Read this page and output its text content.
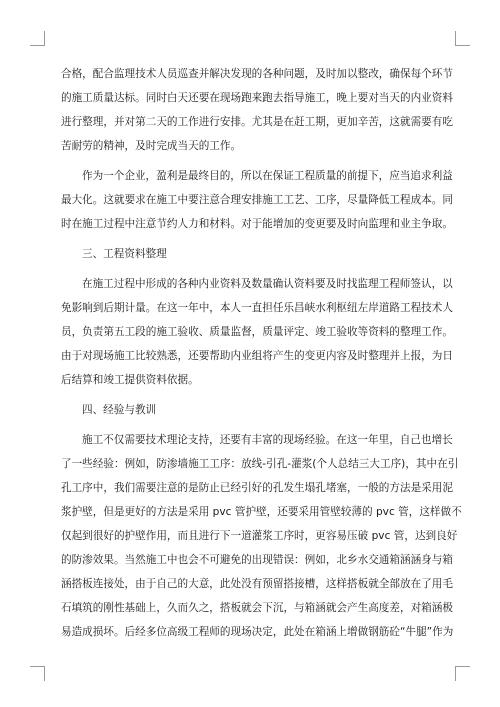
合格，配合监理技术人员巡查并解决发现的各种问题，及时加以整改，确保每个环节
的施工质量达标。同时白天还要在现场跑来跑去指导施工，晚上要对当天的内业资料
进行整理，并对第二天的工作进行安排。尤其是在赶工期，更加辛苦，这就需要有吃
苦耐劳的精神，及时完成当天的工作。
作为一个企业，盈利是最终目的，所以在保证工程质量的前提下，应当追求利益
最大化。这就要求在施工中要注意合理安排施工工艺、工序，尽量降低工程成本。同
时在施工过程中注意节约人力和材料。对于能增加的变更要及时向监理和业主争取。
三、工程资料整理
在施工过程中形成的各种内业资料及数量确认资料要及时找监理工程师签认，以
免影响到后期计量。在这一年中，本人一直担任乐昌峡水利枢纽左岸道路工程技术人
员，负责第五工段的施工验收、质量监督，质量评定、竣工验收等资料的整理工作。
由于对现场施工比较熟悉，还要帮助内业组将产生的变更内容及时整理并上报，为日
后结算和竣工提供资料依据。
四、经验与教训
施工不仅需要技术理论支持，还要有丰富的现场经验。在这一年里，自己也增长
了一些经验：例如，防渗墙施工工序：放线-引孔-灌浆(个人总结三大工序)，其中在引
孔工序中，我们需要注意的是防止已经引好的孔发生塌孔堵塞，一般的方法是采用泥
浆护壁，但是更好的方法是采用 pvc 管护壁，还要采用管壁较薄的 pvc 管，这样做不
仅起到很好的护壁作用，而且进行下一道灌浆工序时，更容易压破 pvc 管，达到良好
的防渗效果。当然施工中也会不可避免的出现错误：例如，北乡水交通箱涵涵身与箱
涵搭板连接处，由于自己的大意，此处没有预留搭接槽，这样搭板就全部放在了用毛
石填筑的刚性基础上，久而久之，搭板就会下沉，与箱涵就会产生高度差，对箱涵极
易造成损坏。后经多位高级工程师的现场决定，此处在箱涵上增做钢筋砼“牛腿”作为
